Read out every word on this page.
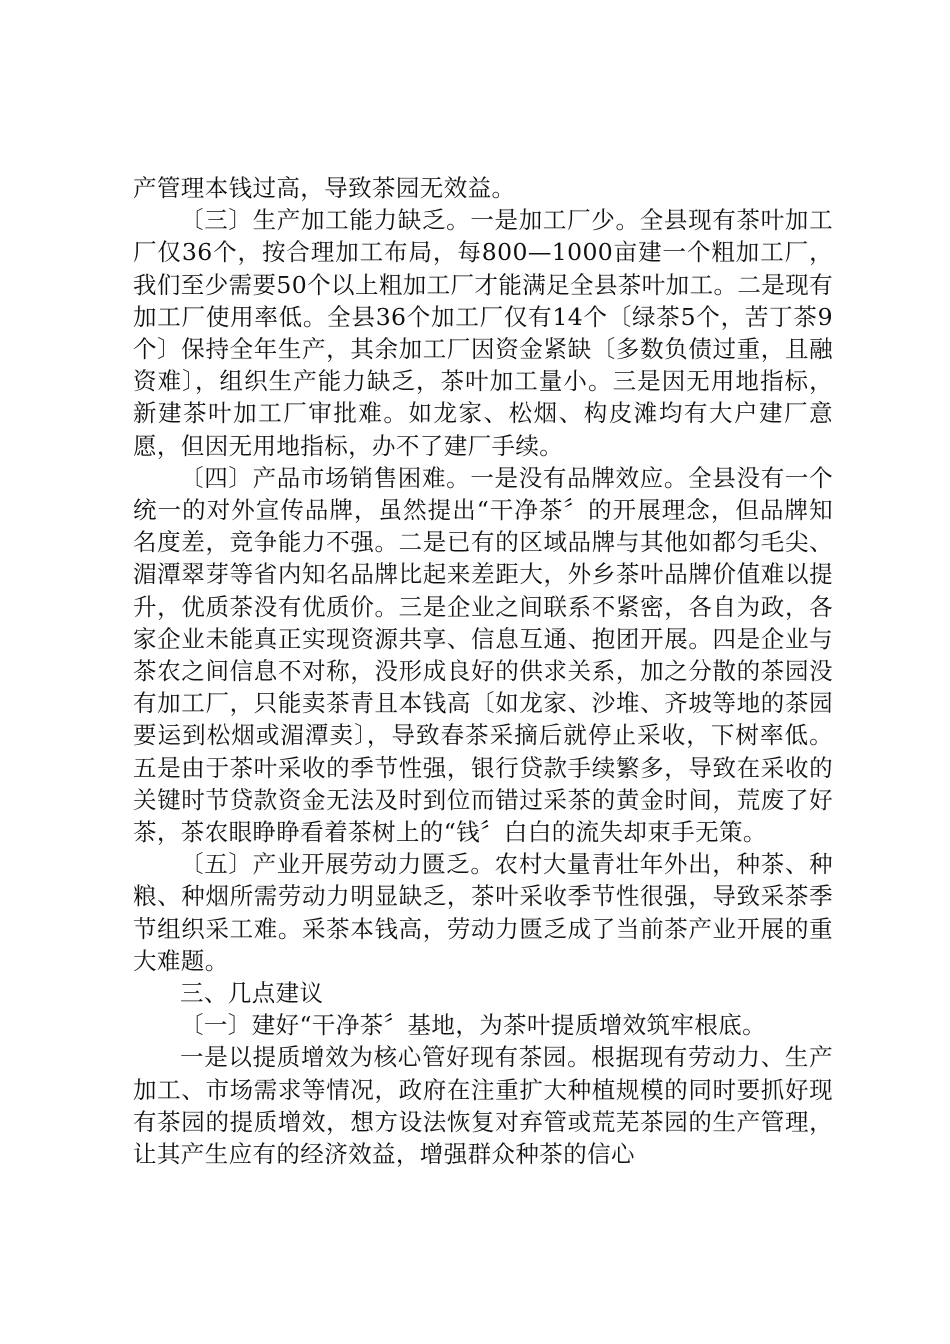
产管理本钱过高，导致茶园无效益。

〔三〕生产加工能力缺乏。一是加工厂少。全县现有茶叶加工厂仅36个，按合理加工布局，每800—1000亩建一个粗加工厂，我们至少需要50个以上粗加工厂才能满足全县茶叶加工。二是现有加工厂使用率低。全县36个加工厂仅有14个〔绿茶5个，苦丁茶9个〕保持全年生产，其余加工厂因资金紧缺〔多数负债过重，且融资难〕，组织生产能力缺乏，茶叶加工量小。三是因无用地指标，新建茶叶加工厂审批难。如龙家、松烟、构皮滩均有大户建厂意愿，但因无用地指标，办不了建厂手续。

〔四〕产品市场销售困难。一是没有品牌效应。全县没有一个统一的对外宣传品牌，虽然提出“干净茶〞的开展理念，但品牌知名度差，竞争能力不强。二是已有的区域品牌与其他如都匀毛尖、湄潭翠芽等省内知名品牌比起来差距大，外乡茶叶品牌价值难以提升，优质茶没有优质价。三是企业之间联系不紧密，各自为政，各家企业未能真正实现资源共享、信息互通、抱团开展。四是企业与茶农之间信息不对称，没形成良好的供求关系，加之分散的茶园没有加工厂，只能卖茶青且本钱高〔如龙家、沙堆、齐坡等地的茶园要运到松烟或湄潭卖〕，导致春茶采摘后就停止采收，下树率低。五是由于茶叶采收的季节性强，银行贷款手续繁多，导致在采收的关键时节贷款资金无法及时到位而错过采茶的黄金时间，荒废了好茶，茶农眼睁睁看着茶树上的“钱〞白白的流失却束手无策。

〔五〕产业开展劳动力匮乏。农村大量青壮年外出，种茶、种粮、种烟所需劳动力明显缺乏，茶叶采收季节性很强，导致采茶季节组织采工难。采茶本钱高，劳动力匮乏成了当前茶产业开展的重大难题。

三、几点建议

〔一〕建好“干净茶〞基地，为茶叶提质增效筑牢根底。

一是以提质增效为核心管好现有茶园。根据现有劳动力、生产加工、市场需求等情况，政府在注重扩大种植规模的同时要抓好现有茶园的提质增效，想方设法恢复对弃管或荒芜茶园的生产管理，让其产生应有的经济效益，增强群众种茶的信心
